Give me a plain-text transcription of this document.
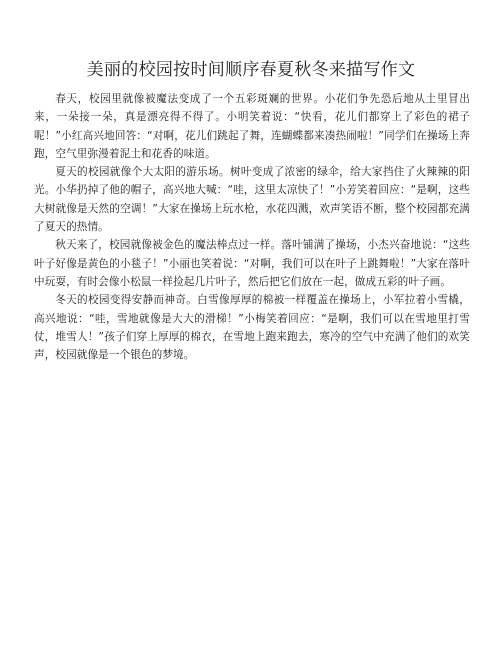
美丽的校园按时间顺序春夏秋冬来描写作文

春天，校园里就像被魔法变成了一个五彩斑斓的世界。小花们争先恐后地从土里冒出来，一朵接一朵，真是漂亮得不得了。小明笑着说：“快看，花儿们都穿上了彩色的裙子呢！”小红高兴地回答：“对啊，花儿们跳起了舞，连蝴蝶都来凑热闹啦！”同学们在操场上奔跑，空气里弥漫着泥土和花香的味道。

夏天的校园就像个大太阳的游乐场。树叶变成了浓密的绿伞，给大家挡住了火辣辣的阳光。小华扔掉了他的帽子，高兴地大喊：“哇，这里太凉快了！”小芳笑着回应：“是啊，这些大树就像是天然的空调！”大家在操场上玩水枪，水花四溅，欢声笑语不断，整个校园都充满了夏天的热情。

秋天来了，校园就像被金色的魔法棒点过一样。落叶铺满了操场，小杰兴奋地说：“这些叶子好像是黄色的小毯子！”小丽也笑着说：“对啊，我们可以在叶子上跳舞啦！”大家在落叶中玩耍，有时会像小松鼠一样捡起几片叶子，然后把它们放在一起，做成五彩的叶子画。

冬天的校园变得安静而神奇。白雪像厚厚的棉被一样覆盖在操场上，小军拉着小雪橇，高兴地说：“哇，雪地就像是大大的滑梯！”小梅笑着回应：“是啊，我们可以在雪地里打雪仗，堆雪人！”孩子们穿上厚厚的棉衣，在雪地上跑来跑去，寒冷的空气中充满了他们的欢笑声，校园就像是一个银色的梦境。
